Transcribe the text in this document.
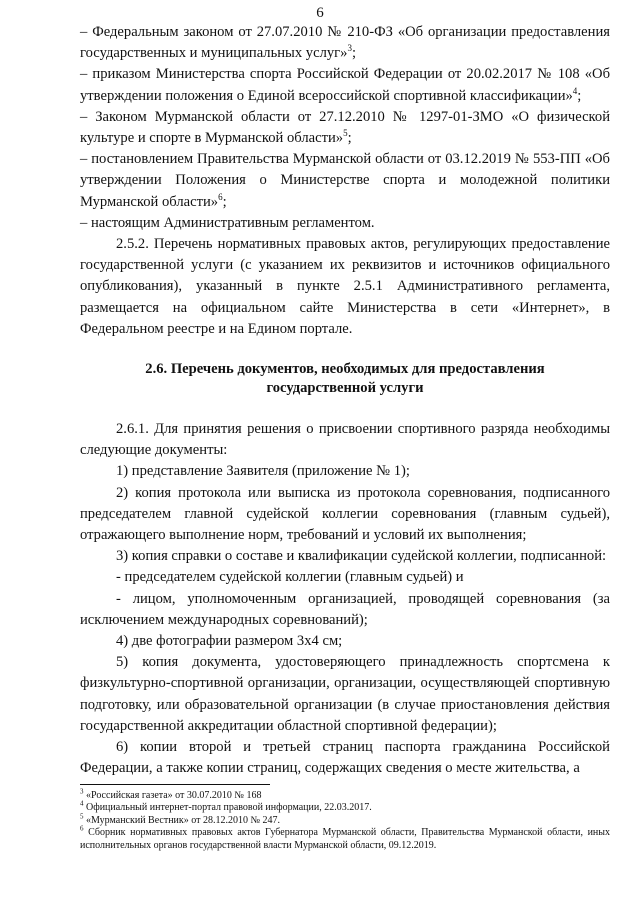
6

– Федеральным законом от 27.07.2010 № 210-ФЗ «Об организации предоставления государственных и муниципальных услуг»$^3$;

– приказом Министерства спорта Российской Федерации от 20.02.2017 № 108 «Об утверждении положения о Единой всероссийской спортивной классификации»$^4$;

– Законом Мурманской области от 27.12.2010 № 1297-01-ЗМО «О физической культуре и спорте в Мурманской области»$^5$;

– постановлением Правительства Мурманской области от 03.12.2019 № 553-ПП «Об утверждении Положения о Министерстве спорта и молодежной политики Мурманской области»$^6$;

– настоящим Административным регламентом.

2.5.2. Перечень нормативных правовых актов, регулирующих предоставление государственной услуги (с указанием их реквизитов и источников официального опубликования), указанный в пункте 2.5.1 Административного регламента, размещается на официальном сайте Министерства в сети «Интернет», в Федеральном реестре и на Едином портале.

2.6. Перечень документов, необходимых для предоставления
государственной услуги

2.6.1. Для принятия решения о присвоении спортивного разряда необходимы следующие документы:

1) представление Заявителя (приложение № 1);

2) копия протокола или выписка из протокола соревнования, подписанного председателем главной судейской коллегии соревнования (главным судьей), отражающего выполнение норм, требований и условий их выполнения;

3) копия справки о составе и квалификации судейской коллегии, подписанной:

- председателем судейской коллегии (главным судьей) и

- лицом, уполномоченным организацией, проводящей соревнования (за исключением международных соревнований);

4) две фотографии размером 3x4 см;

5) копия документа, удостоверяющего принадлежность спортсмена к физкультурно-спортивной организации, организации, осуществляющей спортивную подготовку, или образовательной организации (в случае приостановления действия государственной аккредитации областной спортивной федерации);

6) копии второй и третьей страниц паспорта гражданина Российской Федерации, а также копии страниц, содержащих сведения о месте жительства, а

$^3$ «Российская газета» от 30.07.2010 № 168

$^4$ Официальный интернет-портал правовой информации, 22.03.2017.

$^5$ «Мурманский Вестник» от 28.12.2010 № 247.

$^6$ Сборник нормативных правовых актов Губернатора Мурманской области, Правительства Мурманской области, иных исполнительных органов государственной власти Мурманской области, 09.12.2019.
